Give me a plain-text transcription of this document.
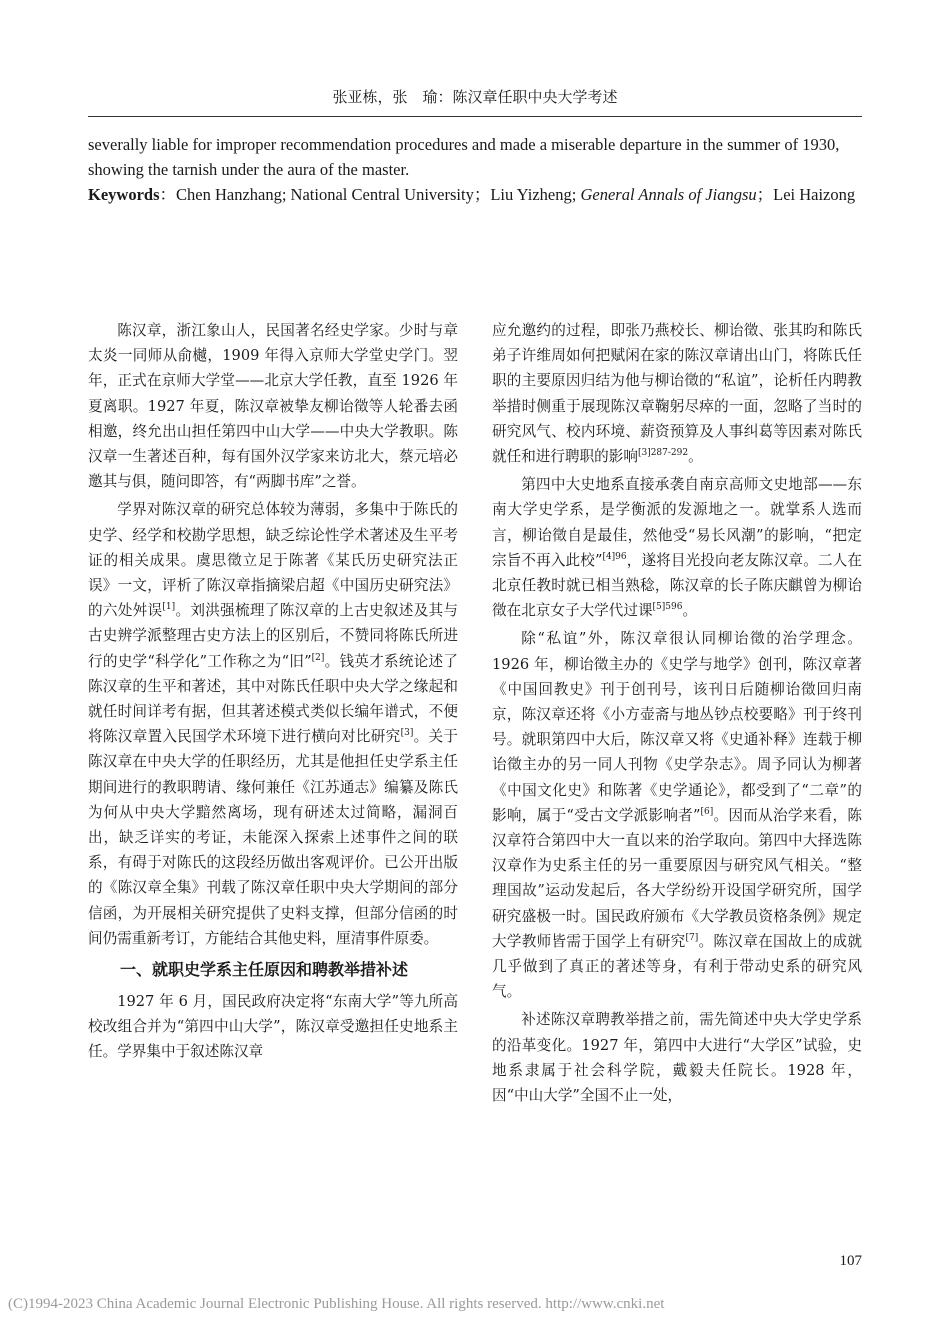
张亚栋，张　瑜：陈汉章任职中央大学考述

severally liable for improper recommendation procedures and made a miserable departure in the summer of 1930, showing the tarnish under the aura of the master.

Keywords：Chen Hanzhang; National Central University；Liu Yizheng; General Annals of Jiangsu；Lei Haizong

陈汉章，浙江象山人，民国著名经史学家。少时与章太炎一同师从俞樾，1909 年得入京师大学堂史学门。翌年，正式在京师大学堂——北京大学任教，直至 1926 年夏离职。1927 年夏，陈汉章被挚友柳诒徵等人轮番去函相邀，终允出山担任第四中山大学——中央大学教职。陈汉章一生著述百种，每有国外汉学家来访北大，蔡元培必邀其与俱，随问即答，有“两脚书库”之誉。

学界对陈汉章的研究总体较为薄弱，多集中于陈氏的史学、经学和校勘学思想，缺乏综论性学术著述及生平考证的相关成果。虞思徵立足于陈著《某氏历史研究法正误》一文，评析了陈汉章指摘梁启超《中国历史研究法》的六处舛误[1]。刘洪强梳理了陈汉章的上古史叙述及其与古史辨学派整理古史方法上的区别后，不赞同将陈氏所进行的史学“科学化”工作称之为“旧”[2]。钱英才系统论述了陈汉章的生平和著述，其中对陈氏任职中央大学之缘起和就任时间详考有据，但其著述模式类似长编年谱式，不便将陈汉章置入民国学术环境下进行横向对比研究[3]。关于陈汉章在中央大学的任职经历，尤其是他担任史学系主任期间进行的教职聘请、缘何兼任《江苏通志》编纂及陈氏为何从中央大学黯然离场，现有研述太过简略，漏洞百出，缺乏详实的考证，未能深入探索上述事件之间的联系，有碍于对陈氏的这段经历做出客观评价。已公开出版的《陈汉章全集》刊载了陈汉章任职中央大学期间的部分信函，为开展相关研究提供了史料支撑，但部分信函的时间仍需重新考订，方能结合其他史料，厘清事件原委。

一、就职史学系主任原因和聘教举措补述

1927 年 6 月，国民政府决定将“东南大学”等九所高校改组合并为“第四中山大学”，陈汉章受邀担任史地系主任。学界集中于叙述陈汉章

应允邀约的过程，即张乃燕校长、柳诒徵、张其昀和陈氏弟子许维周如何把赋闲在家的陈汉章请出山门，将陈氏任职的主要原因归结为他与柳诒徵的“私谊”，论析任内聘教举措时侧重于展现陈汉章鞠躬尽瘁的一面，忽略了当时的研究风气、校内环境、薪资预算及人事纠葛等因素对陈氏就任和进行聘职的影响$^{[3]287-292}$。

第四中大史地系直接承袭自南京高师文史地部——东南大学史学系，是学衡派的发源地之一。就掌系人选而言，柳诒徵自是最佳，然他受“易长风潮”的影响，“把定宗旨不再入此校”$^{[4]96}$，遂将目光投向老友陈汉章。二人在北京任教时就已相当熟稔，陈汉章的长子陈庆麒曾为柳诒徵在北京女子大学代过课$^{[5]596}$。

除“私谊”外，陈汉章很认同柳诒徵的治学理念。1926 年，柳诒徵主办的《史学与地学》创刊，陈汉章著《中国回教史》刊于创刊号，该刊日后随柳诒徵回归南京，陈汉章还将《小方壶斋与地丛钞点校要略》刊于终刊号。就职第四中大后，陈汉章又将《史通补释》连载于柳诒徵主办的另一同人刊物《史学杂志》。周予同认为柳著《中国文化史》和陈著《史学通论》，都受到了“二章”的影响，属于“受古文学派影响者”[6]。因而从治学来看，陈汉章符合第四中大一直以来的治学取向。第四中大择选陈汉章作为史系主任的另一重要原因与研究风气相关。“整理国故”运动发起后，各大学纷纷开设国学研究所，国学研究盛极一时。国民政府颁布《大学教员资格条例》规定大学教师皆需于国学上有研究[7]。陈汉章在国故上的成就几乎做到了真正的著述等身，有利于带动史系的研究风气。

补述陈汉章聘教举措之前，需先简述中央大学史学系的沿革变化。1927 年，第四中大进行“大学区”试验，史地系隶属于社会科学院，戴毅夫任院长。1928 年，因“中山大学”全国不止一处，

107
(C)1994-2023 China Academic Journal Electronic Publishing House. All rights reserved. http://www.cnki.net
